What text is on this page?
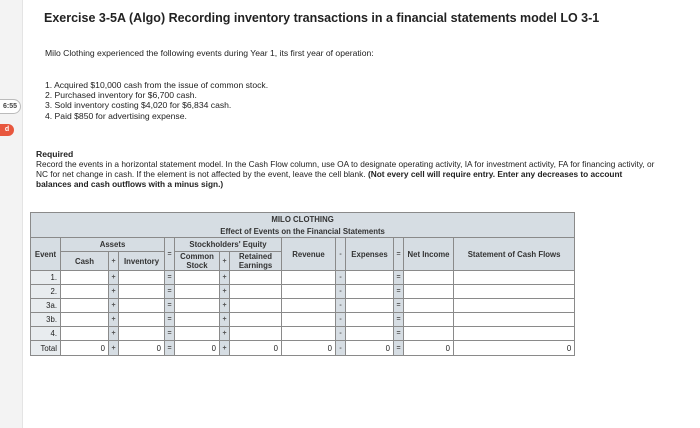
6:55
d
Exercise 3-5A (Algo) Recording inventory transactions in a financial statements model LO 3-1

Milo Clothing experienced the following events during Year 1, its first year of operation:

1. Acquired $10,000 cash from the issue of common stock.
2. Purchased inventory for $6,700 cash.
3. Sold inventory costing $4,020 for $6,834 cash.
4. Paid $850 for advertising expense.

Required

Record the events in a horizontal statement model. In the Cash Flow column, use OA to designate operating activity, IA for investment activity, FA for financing activity, or NC for net change in cash. If the element is not affected by the event, leave the cell blank. (Not every cell will require entry. Enter any decreases to account balances and cash outflows with a minus sign.)

MILO CLOTHING													
Effect of Events on the Financial Statements													
Event	Assets			=	Stockholders' Equity			Revenue	-	Expenses	=	Net Income	Statement of Cash Flows
	Cash	+	Inventory		Common Stock	+	Retained Earnings						

1.		+		=		+			-		=		
2.		+		=		+			-		=		
3a.		+		=		+			-		=		
3b.		+		=		+			-		=		
4.		+		=		+			-		=		
Total	0	+	0	=	0	+	0	0	-	0	=	0	0
